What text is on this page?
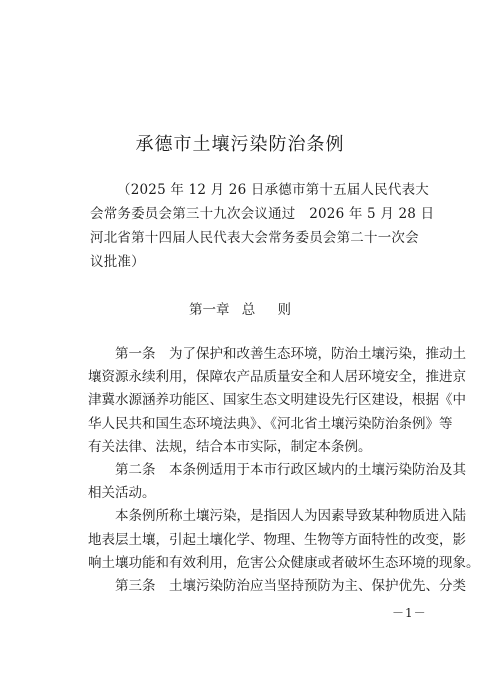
承德市土壤污染防治条例
（2025 年 12 月 26 日承德市第十五届人民代表大
会常务委员会第三十九次会议通过　2026 年 5 月 28 日
河北省第十四届人民代表大会常务委员会第二十一次会
议批准）
第一章 总 则
　　第一条　为了保护和改善生态环境，防治土壤污染，推动土
壤资源永续利用，保障农产品质量安全和人居环境安全，推进京
津冀水源涵养功能区、国家生态文明建设先行区建设，根据《中
华人民共和国生态环境法典》、《河北省土壤污染防治条例》等
有关法律、法规，结合本市实际，制定本条例。
　　第二条　本条例适用于本市行政区域内的土壤污染防治及其
相关活动。
　　本条例所称土壤污染，是指因人为因素导致某种物质进入陆
地表层土壤，引起土壤化学、物理、生物等方面特性的改变，影
响土壤功能和有效利用，危害公众健康或者破坏生态环境的现象。
　　第三条　土壤污染防治应当坚持预防为主、保护优先、分类
－1－
